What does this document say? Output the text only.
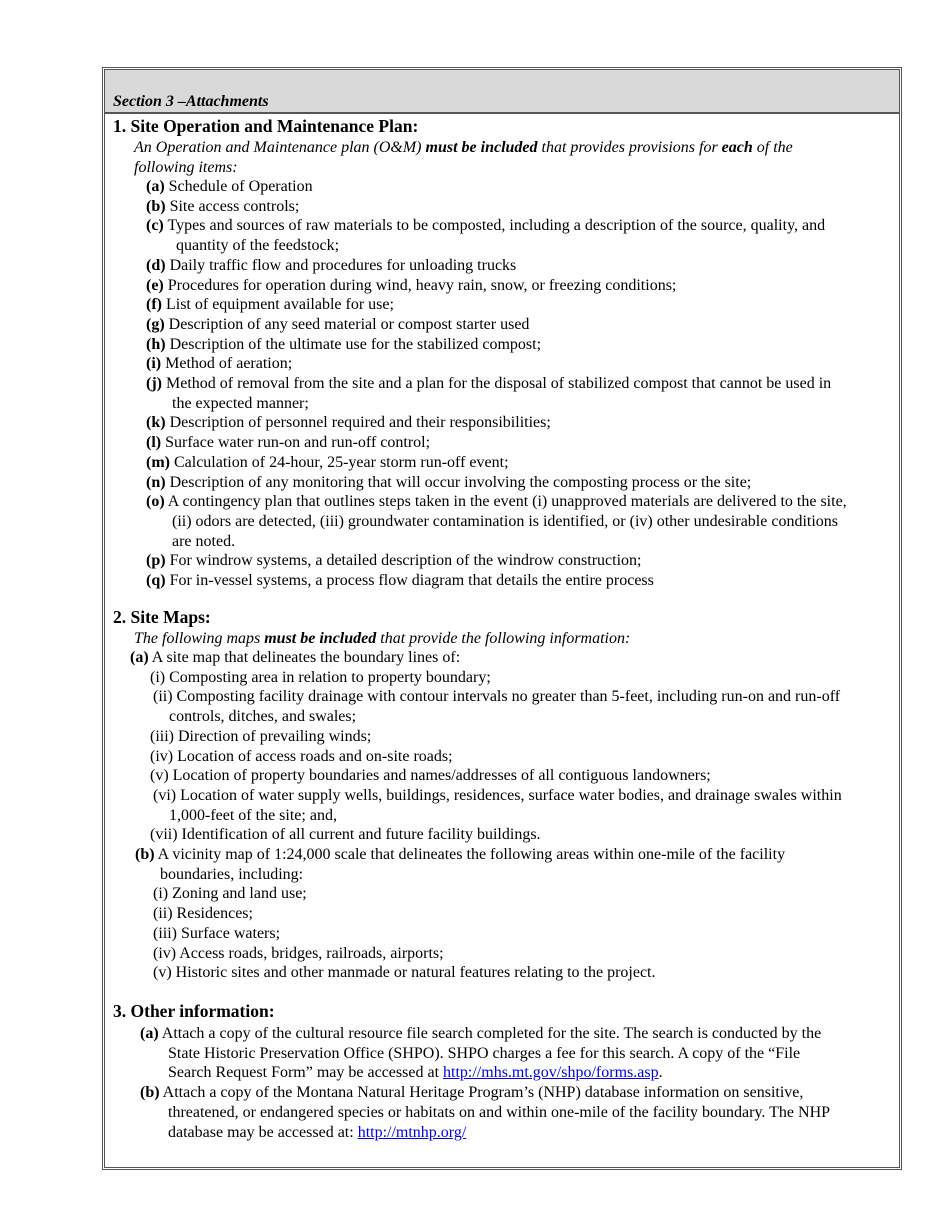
Section 3 –Attachments
1. Site Operation and Maintenance Plan:
An Operation and Maintenance plan (O&M) must be included that provides provisions for each of the
following items:
(a) Schedule of Operation
(b) Site access controls;
(c) Types and sources of raw materials to be composted, including a description of the source, quality, and
quantity of the feedstock;
(d) Daily traffic flow and procedures for unloading trucks
(e) Procedures for operation during wind, heavy rain, snow, or freezing conditions;
(f) List of equipment available for use;
(g) Description of any seed material or compost starter used
(h) Description of the ultimate use for the stabilized compost;
(i) Method of aeration;
(j) Method of removal from the site and a plan for the disposal of stabilized compost that cannot be used in
the expected manner;
(k) Description of personnel required and their responsibilities;
(l) Surface water run-on and run-off control;
(m) Calculation of 24-hour, 25-year storm run-off event;
(n) Description of any monitoring that will occur involving the composting process or the site;
(o) A contingency plan that outlines steps taken in the event (i) unapproved materials are delivered to the site,
(ii) odors are detected, (iii) groundwater contamination is identified, or (iv) other undesirable conditions
are noted.
(p) For windrow systems, a detailed description of the windrow construction;
(q) For in-vessel systems, a process flow diagram that details the entire process
2. Site Maps:
The following maps must be included that provide the following information:
(a) A site map that delineates the boundary lines of:
(i) Composting area in relation to property boundary;
(ii) Composting facility drainage with contour intervals no greater than 5-feet, including run-on and run-off
controls, ditches, and swales;
(iii) Direction of prevailing winds;
(iv) Location of access roads and on-site roads;
(v) Location of property boundaries and names/addresses of all contiguous landowners;
(vi) Location of water supply wells, buildings, residences, surface water bodies, and drainage swales within
1,000-feet of the site; and,
(vii) Identification of all current and future facility buildings.
(b) A vicinity map of 1:24,000 scale that delineates the following areas within one-mile of the facility
boundaries, including:
(i) Zoning and land use;
(ii) Residences;
(iii) Surface waters;
(iv) Access roads, bridges, railroads, airports;
(v) Historic sites and other manmade or natural features relating to the project.
3. Other information:
(a) Attach a copy of the cultural resource file search completed for the site. The search is conducted by the
State Historic Preservation Office (SHPO). SHPO charges a fee for this search. A copy of the “File
Search Request Form” may be accessed at http://mhs.mt.gov/shpo/forms.asp.
(b) Attach a copy of the Montana Natural Heritage Program’s (NHP) database information on sensitive,
threatened, or endangered species or habitats on and within one-mile of the facility boundary. The NHP
database may be accessed at: http://mtnhp.org/
